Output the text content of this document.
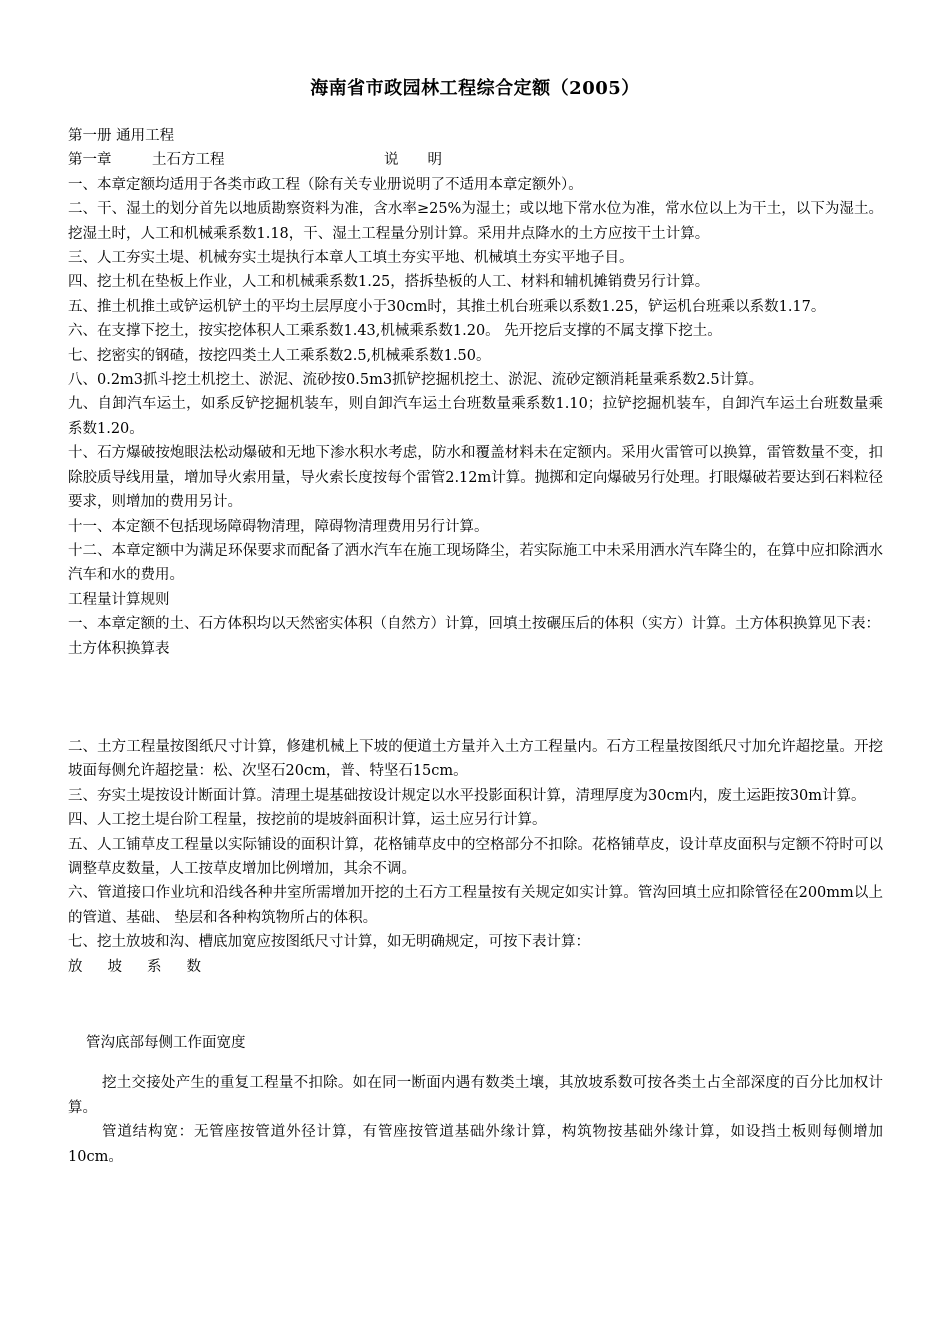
海南省市政园林工程综合定额（2005）

第一册 通用工程

第一章	土石方工程	说　　明

一、本章定额均适用于各类市政工程（除有关专业册说明了不适用本章定额外）。

二、干、湿土的划分首先以地质勘察资料为准，含水率≥25%为湿土；或以地下常水位为准，常水位以上为干土，以下为湿土。挖湿土时，人工和机械乘系数1.18，干、湿土工程量分别计算。采用井点降水的土方应按干土计算。

三、人工夯实土堤、机械夯实土堤执行本章人工填土夯实平地、机械填土夯实平地子目。

四、挖土机在垫板上作业，人工和机械乘系数1.25，搭拆垫板的人工、材料和辅机摊销费另行计算。

五、推土机推土或铲运机铲土的平均土层厚度小于30cm时，其推土机台班乘以系数1.25，铲运机台班乘以系数1.17。

六、在支撑下挖土，按实挖体积人工乘系数1.43,机械乘系数1.20。 先开挖后支撑的不属支撑下挖土。

七、挖密实的钢碴，按挖四类土人工乘系数2.5,机械乘系数1.50。

八、0.2m3抓斗挖土机挖土、淤泥、流砂按0.5m3抓铲挖掘机挖土、淤泥、流砂定额消耗量乘系数2.5计算。

九、自卸汽车运土，如系反铲挖掘机装车，则自卸汽车运土台班数量乘系数1.10；拉铲挖掘机装车，自卸汽车运土台班数量乘系数1.20。

十、石方爆破按炮眼法松动爆破和无地下渗水积水考虑，防水和覆盖材料未在定额内。采用火雷管可以换算，雷管数量不变，扣除胶质导线用量，增加导火索用量，导火索长度按每个雷管2.12m计算。抛掷和定向爆破另行处理。打眼爆破若要达到石料粒径要求，则增加的费用另计。

十一、本定额不包括现场障碍物清理，障碍物清理费用另行计算。

十二、本章定额中为满足环保要求而配备了洒水汽车在施工现场降尘，若实际施工中未采用洒水汽车降尘的，在算中应扣除洒水汽车和水的费用。

工程量计算规则

一、本章定额的土、石方体积均以天然密实体积（自然方）计算，回填土按碾压后的体积（实方）计算。土方体积换算见下表：

土方体积换算表

二、土方工程量按图纸尺寸计算，修建机械上下坡的便道土方量并入土方工程量内。石方工程量按图纸尺寸加允许超挖量。开挖坡面每侧允许超挖量：松、次坚石20cm，普、特坚石15cm。

三、夯实土堤按设计断面计算。清理土堤基础按设计规定以水平投影面积计算，清理厚度为30cm内，废土运距按30m计算。

四、人工挖土堤台阶工程量，按挖前的堤坡斜面积计算，运土应另行计算。

五、人工铺草皮工程量以实际铺设的面积计算，花格铺草皮中的空格部分不扣除。花格铺草皮，设计草皮面积与定额不符时可以调整草皮数量，人工按草皮增加比例增加，其余不调。

六、管道接口作业坑和沿线各种井室所需增加开挖的土石方工程量按有关规定如实计算。管沟回填土应扣除管径在200mm以上的管道、基础、 垫层和各种构筑物所占的体积。

七、挖土放坡和沟、槽底加宽应按图纸尺寸计算，如无明确规定，可按下表计算：

放坡系数

管沟底部每侧工作面宽度

挖土交接处产生的重复工程量不扣除。如在同一断面内遇有数类土壤，其放坡系数可按各类土占全部深度的百分比加权计算。

管道结构宽：无管座按管道外径计算，有管座按管道基础外缘计算，构筑物按基础外缘计算，如设挡土板则每侧增加10cm。
